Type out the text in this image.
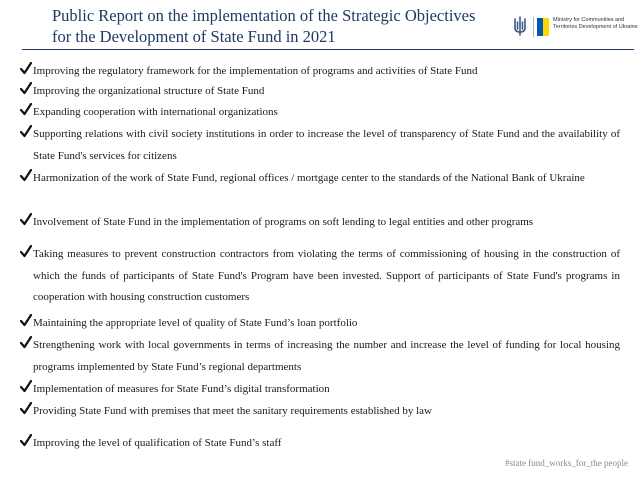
Public Report on the implementation of the Strategic Objectives
for the Development of State Fund in 2021
Ministry for Communities and
Territories Development of Ukraine
Improving the regulatory framework for the implementation of programs and activities of State Fund
Improving the organizational structure of State Fund
Expanding cooperation with international organizations
Supporting relations with civil society institutions in order to increase the level of transparency of State Fund and the availability of State Fund's services for citizens
Harmonization of the work of State Fund, regional offices / mortgage center to the standards of the National Bank of Ukraine
Involvement of State Fund in the implementation of programs on soft lending to legal entities and other programs
Taking measures to prevent construction contractors from violating the terms of commissioning of housing in the construction of which the funds of participants of State Fund's Program have been invested. Support of participants of State Fund's programs in cooperation with housing construction customers
Maintaining the appropriate level of quality of State Fund’s loan portfolio
Strengthening work with local governments in terms of increasing the number and increase the level of funding for local housing programs implemented by State Fund’s regional departments
Implementation of measures for State Fund’s digital transformation
Providing State Fund with premises that meet the sanitary requirements established by law
Improving the level of qualification of State Fund’s staff
#state fund_works_for_the people
